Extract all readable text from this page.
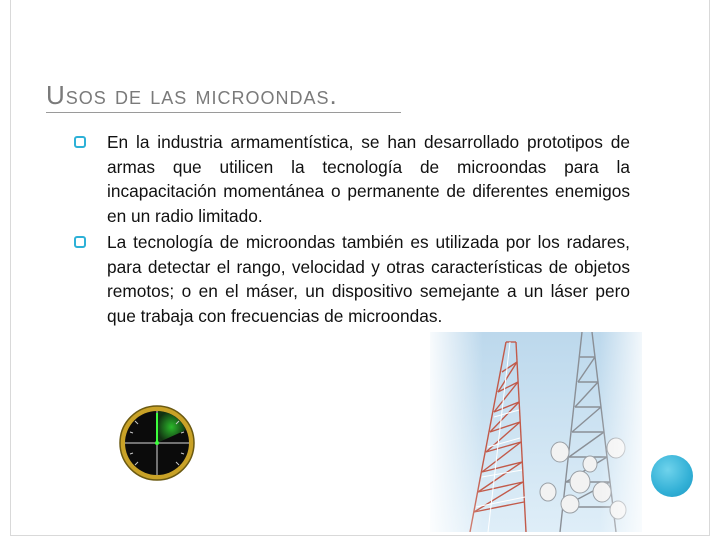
Usos de las microondas.
En la industria armamentística, se han desarrollado prototipos de armas que utilicen la tecnología de microondas para la incapacitación momentánea o permanente de diferentes enemigos en un radio limitado.
La tecnología de microondas también es utilizada por los radares, para detectar el rango, velocidad y otras características de objetos remotos; o en el máser, un dispositivo semejante a un láser pero que trabaja con frecuencias de microondas.
